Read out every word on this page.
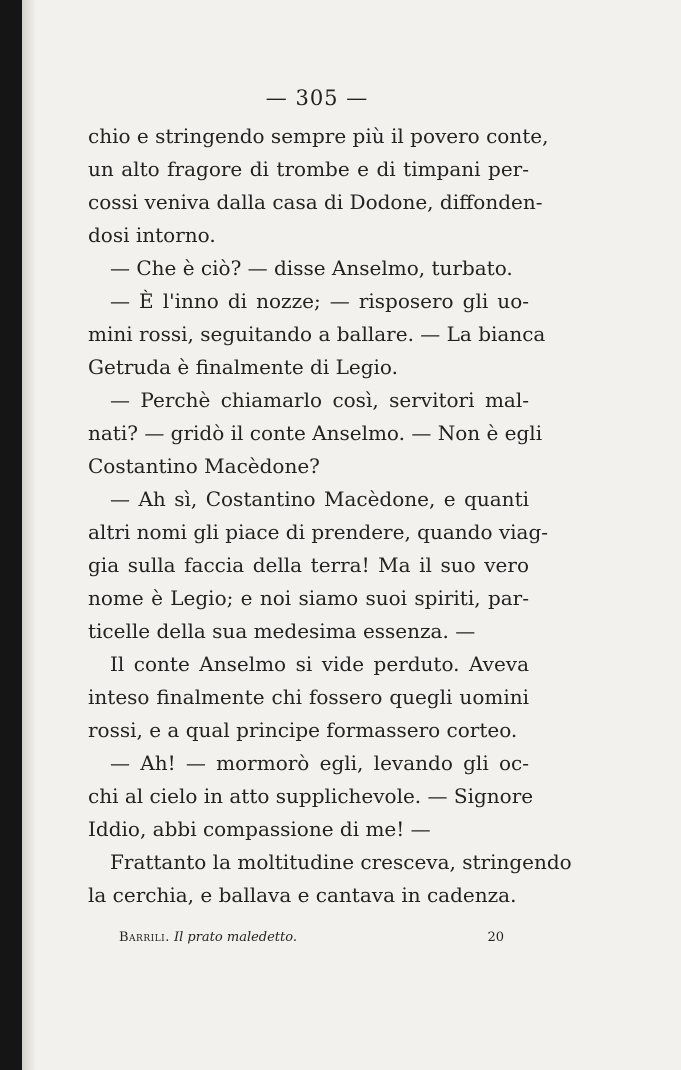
— 305 —
chio e stringendo sempre più il povero conte,
un alto fragore di trombe e di timpani per-
cossi veniva dalla casa di Dodone, diffonden-
dosi intorno.
— Che è ciò? — disse Anselmo, turbato.
— È l'inno di nozze; — risposero gli uo-
mini rossi, seguitando a ballare. — La bianca
Getruda è finalmente di Legio.
— Perchè chiamarlo così, servitori mal-
nati? — gridò il conte Anselmo. — Non è egli
Costantino Macèdone?
— Ah sì, Costantino Macèdone, e quanti
altri nomi gli piace di prendere, quando viag-
gia sulla faccia della terra! Ma il suo vero
nome è Legio; e noi siamo suoi spiriti, par-
ticelle della sua medesima essenza. —
Il conte Anselmo si vide perduto. Aveva
inteso finalmente chi fossero quegli uomini
rossi, e a qual principe formassero corteo.
— Ah! — mormorò egli, levando gli oc-
chi al cielo in atto supplichevole. — Signore
Iddio, abbi compassione di me! —
Frattanto la moltitudine cresceva, stringendo
la cerchia, e ballava e cantava in cadenza.
Barrili. Il prato maledetto.	20
